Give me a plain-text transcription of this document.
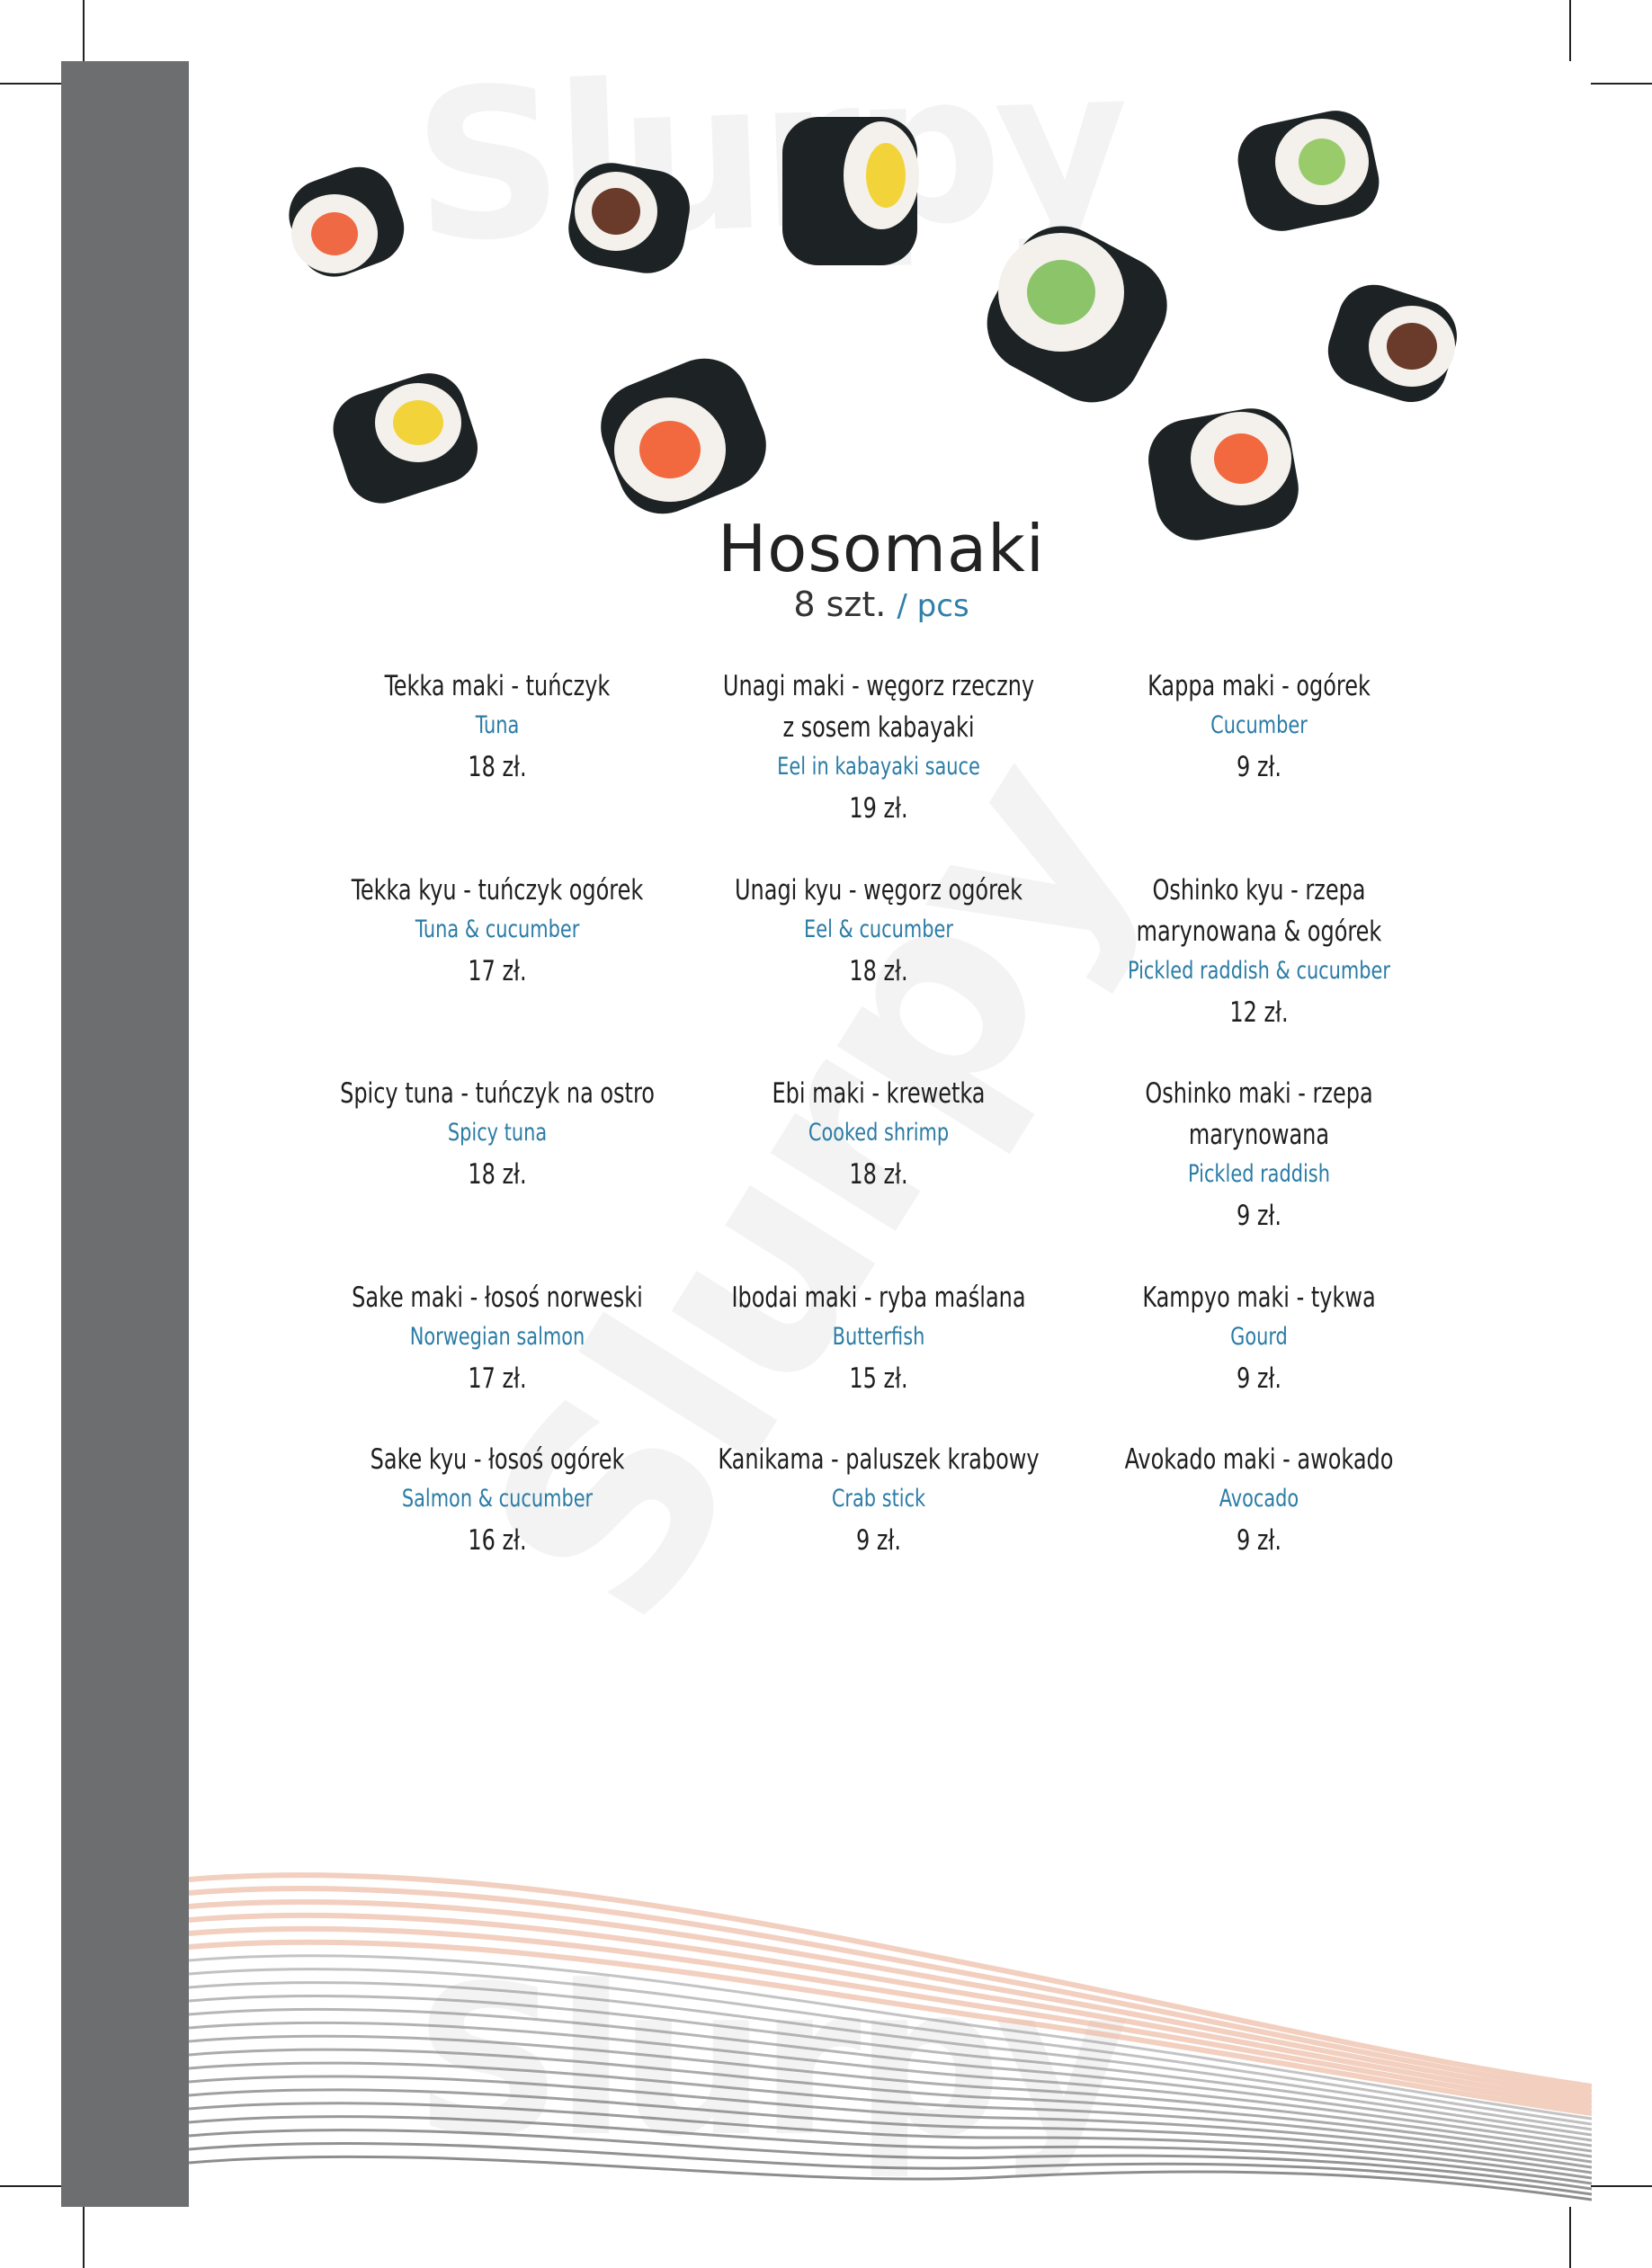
Hosomaki
8 szt. / pcs
Tekka maki - tuńczyk
Tuna
18 zł.
Tekka kyu - tuńczyk ogórek
Tuna & cucumber
17 zł.
Spicy tuna - tuńczyk na ostro
Spicy tuna
18 zł.
Sake maki - łosoś norweski
Norwegian salmon
17 zł.
Sake kyu - łosoś ogórek
Salmon & cucumber
16 zł.
Unagi maki - węgorz rzeczny
z sosem kabayaki
Eel in kabayaki sauce
19 zł.
Unagi kyu - węgorz ogórek
Eel & cucumber
18 zł.
Ebi maki - krewetka
Cooked shrimp
18 zł.
Ibodai maki - ryba maślana
Butterfish
15 zł.
Kanikama - paluszek krabowy
Crab stick
9 zł.
Kappa maki - ogórek
Cucumber
9 zł.
Oshinko kyu - rzepa
marynowana & ogórek
Pickled raddish & cucumber
12 zł.
Oshinko maki - rzepa
marynowana
Pickled raddish
9 zł.
Kampyo maki - tykwa
Gourd
9 zł.
Avokado maki - awokado
Avocado
9 zł.
